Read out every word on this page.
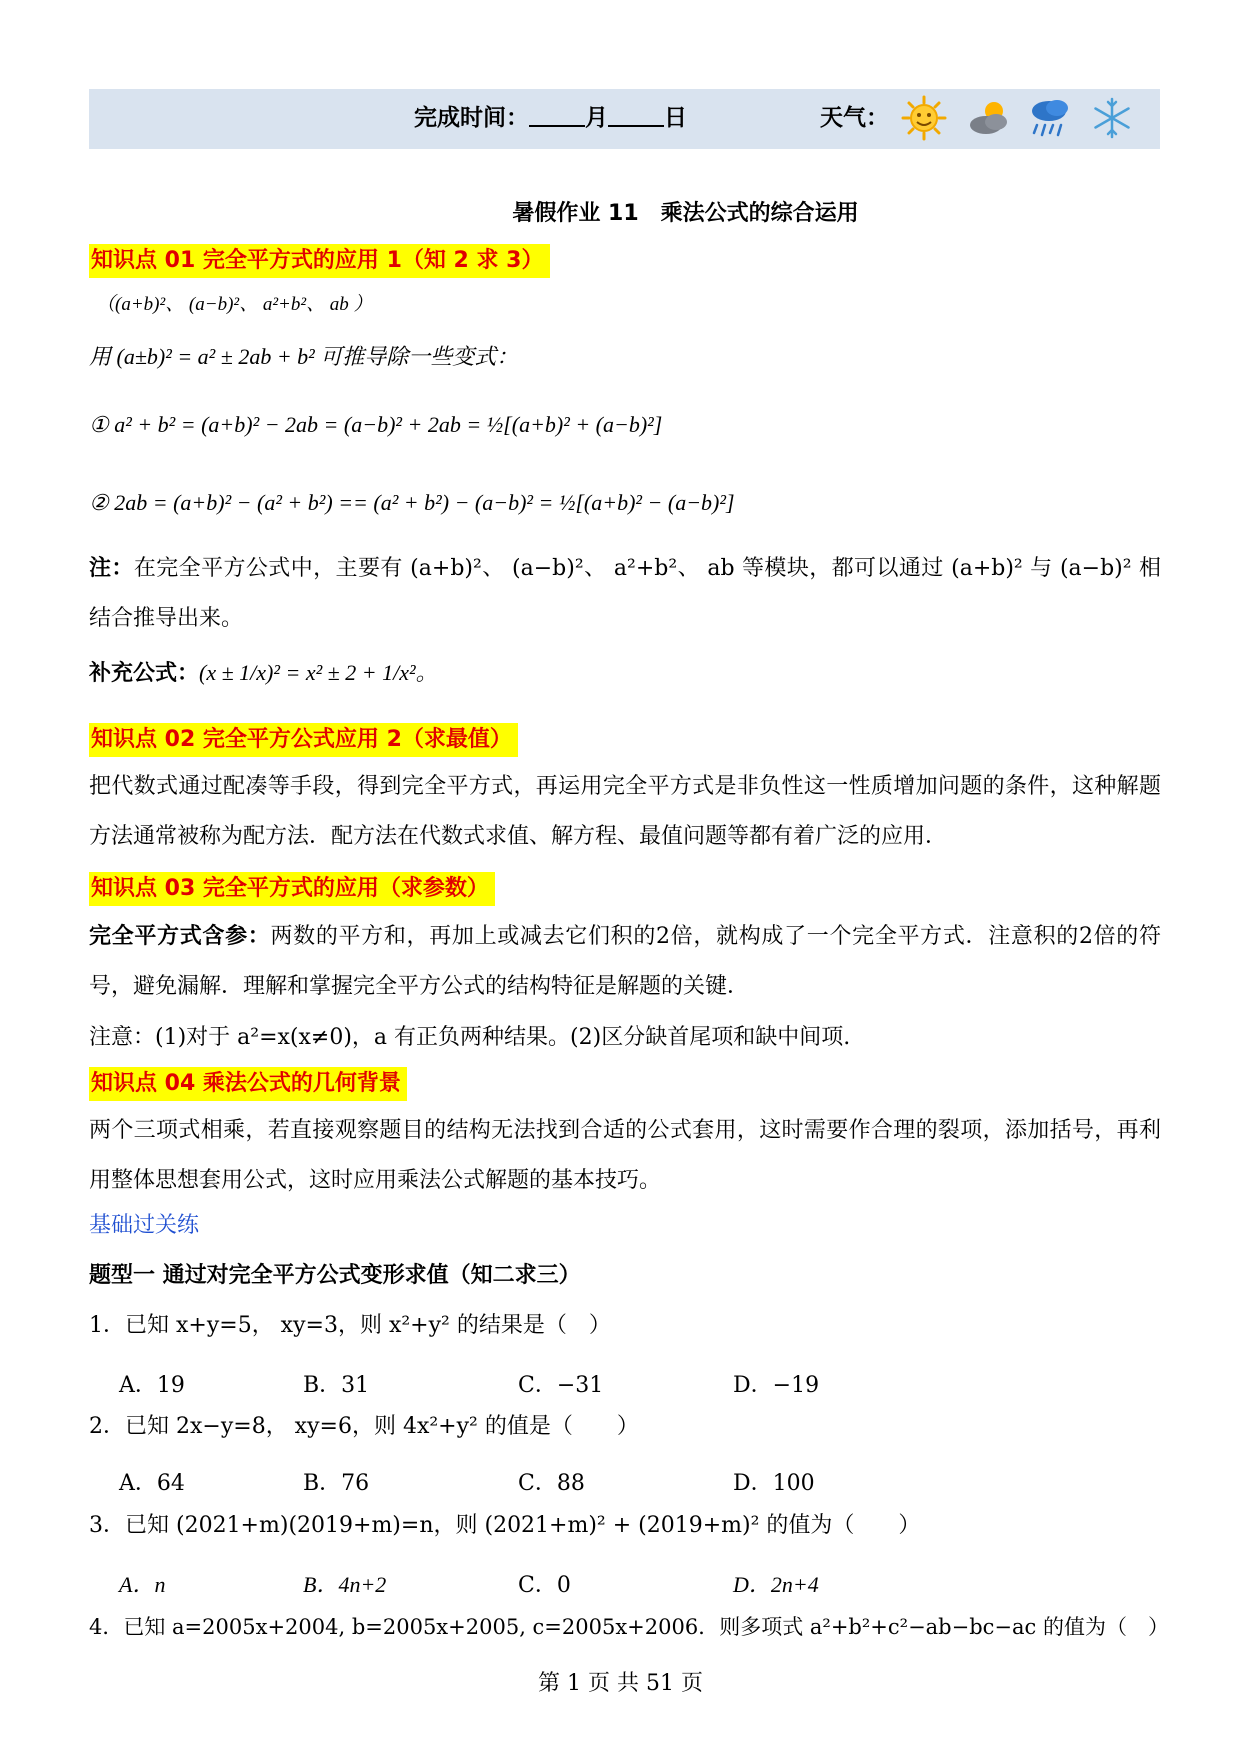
完成时间： 月 日	天气：
暑假作业 11　乘法公式的综合运用
知识点 01 完全平方式的应用 1（知 2 求 3）
（(a+b)²、 (a−b)²、 a²+b²、 ab ）
用 (a±b)² = a² ± 2ab + b² 可推导除一些变式：
① a² + b² = (a+b)² − 2ab = (a−b)² + 2ab = ½[(a+b)² + (a−b)²]
② 2ab = (a+b)² − (a² + b²) == (a² + b²) − (a−b)² = ½[(a+b)² − (a−b)²]
注：在完全平方公式中，主要有 (a+b)²、 (a−b)²、 a²+b²、 ab 等模块，都可以通过 (a+b)² 与 (a−b)² 相结合推导出来。
补充公式：(x ± 1/x)² = x² ± 2 + 1/x²。
知识点 02 完全平方公式应用 2（求最值）
把代数式通过配凑等手段，得到完全平方式，再运用完全平方式是非负性这一性质增加问题的条件，这种解题方法通常被称为配方法．配方法在代数式求值、解方程、最值问题等都有着广泛的应用．
知识点 03 完全平方式的应用（求参数）
完全平方式含参：两数的平方和，再加上或减去它们积的2倍，就构成了一个完全平方式．注意积的2倍的符号，避免漏解．理解和掌握完全平方公式的结构特征是解题的关键．
注意：(1)对于 a²=x(x≠0)，a 有正负两种结果。(2)区分缺首尾项和缺中间项.
知识点 04 乘法公式的几何背景
两个三项式相乘，若直接观察题目的结构无法找到合适的公式套用，这时需要作合理的裂项，添加括号，再利用整体思想套用公式，这时应用乘法公式解题的基本技巧。
基础过关练
题型一 通过对完全平方公式变形求值（知二求三）
1．已知 x+y=5， xy=3，则 x²+y² 的结果是（　）
A．19	B．31	C．−31	D．−19
2．已知 2x−y=8， xy=6，则 4x²+y² 的值是（　　）
A．64	B．76	C．88	D．100
3．已知 (2021+m)(2019+m)=n，则 (2021+m)² + (2019+m)² 的值为（　　）
A．n	B．4n+2	C．0	D．2n+4
4．已知 a=2005x+2004, b=2005x+2005, c=2005x+2006．则多项式 a²+b²+c²−ab−bc−ac 的值为（　）
第 1 页 共 51 页
